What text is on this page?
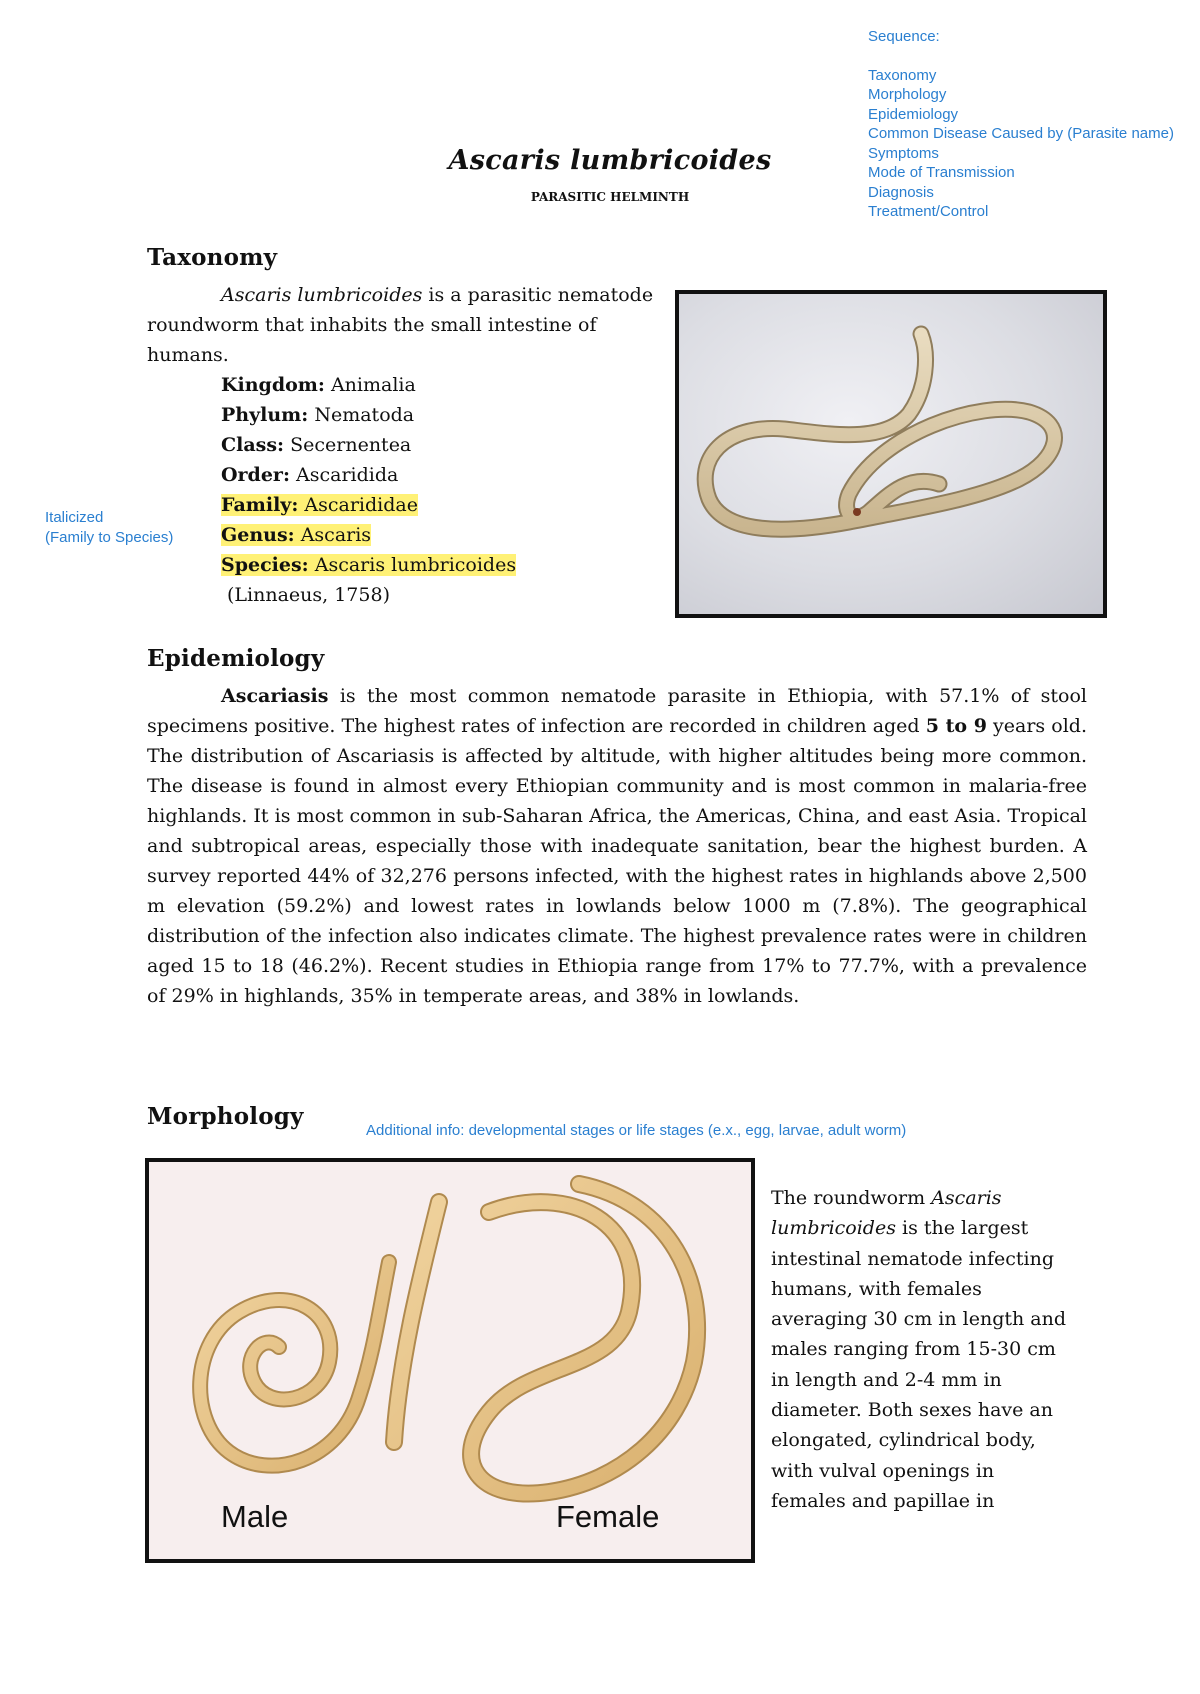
Sequence:
Taxonomy
Morphology
Epidemiology
Common Disease Caused by (Parasite name)
Symptoms
Mode of Transmission
Diagnosis
Treatment/Control
Ascaris lumbricoides
PARASITIC HELMINTH
Taxonomy
Ascaris lumbricoides is a parasitic nematode roundworm that inhabits the small intestine of humans.
Kingdom: Animalia
Phylum: Nematoda
Class: Secernentea
Order: Ascaridida
Family: Ascarididae
Genus: Ascaris
Species: Ascaris lumbricoides
(Linnaeus, 1758)
Italicized
(Family to Species)
Epidemiology
Ascariasis is the most common nematode parasite in Ethiopia, with 57.1% of stool specimens positive. The highest rates of infection are recorded in children aged 5 to 9 years old. The distribution of Ascariasis is affected by altitude, with higher altitudes being more common. The disease is found in almost every Ethiopian community and is most common in malaria-free highlands. It is most common in sub-Saharan Africa, the Americas, China, and east Asia. Tropical and subtropical areas, especially those with inadequate sanitation, bear the highest burden. A survey reported 44% of 32,276 persons infected, with the highest rates in highlands above 2,500 m elevation (59.2%) and lowest rates in lowlands below 1000 m (7.8%). The geographical distribution of the infection also indicates climate. The highest prevalence rates were in children aged 15 to 18 (46.2%). Recent studies in Ethiopia range from 17% to 77.7%, with a prevalence of 29% in highlands, 35% in temperate areas, and 38% in lowlands.
Morphology
Additional info: developmental stages or life stages (e.x., egg, larvae, adult worm)
Male	Female
The roundworm Ascaris lumbricoides is the largest intestinal nematode infecting humans, with females averaging 30 cm in length and males ranging from 15-30 cm in length and 2-4 mm in diameter. Both sexes have an elongated, cylindrical body, with vulval openings in females and papillae in
